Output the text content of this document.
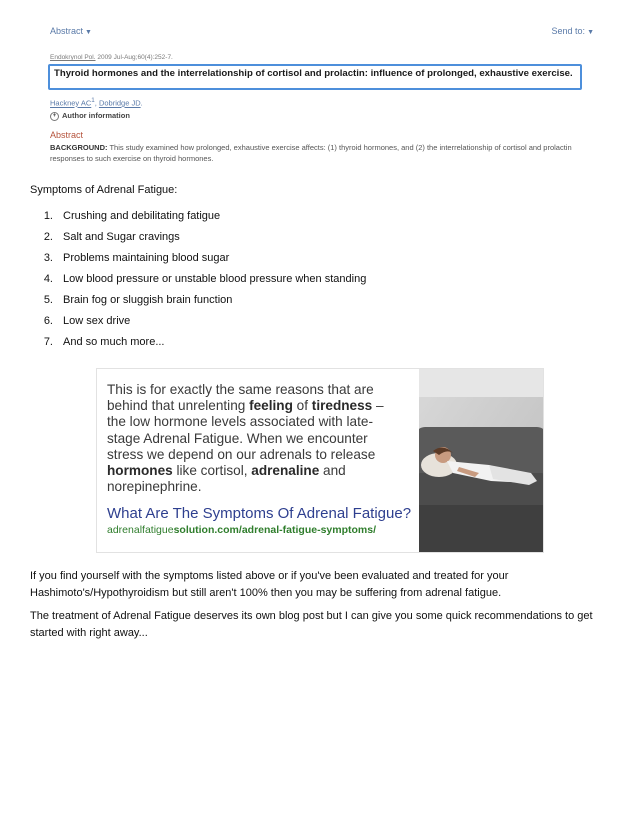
Abstract ▼	Send to: ▼
Endokrynol Pol. 2009 Jul-Aug;60(4):252-7.
Thyroid hormones and the interrelationship of cortisol and prolactin: influence of prolonged, exhaustive exercise.
Hackney $AC^1$, Dobridge JD.
+ Author information
Abstract
BACKGROUND: This study examined how prolonged, exhaustive exercise affects: (1) thyroid hormones, and (2) the interrelationship of cortisol and prolactin responses to such exercise on thyroid hormones.
Symptoms of Adrenal Fatigue:
1. Crushing and debilitating fatigue
2. Salt and Sugar cravings
3. Problems maintaining blood sugar
4. Low blood pressure or unstable blood pressure when standing
5. Brain fog or sluggish brain function
6. Low sex drive
7. And so much more...
This is for exactly the same reasons that are behind that unrelenting feeling of tiredness – the low hormone levels associated with late-stage Adrenal Fatigue. When we encounter stress we depend on our adrenals to release hormones like cortisol, adrenaline and norepinephrine.
What Are The Symptoms Of Adrenal Fatigue?
adrenalfatiguesolution.com/adrenal-fatigue-symptoms/

If you find yourself with the symptoms listed above or if you've been evaluated and treated for your Hashimoto's/Hypothyroidism but still aren't 100% then you may be suffering from adrenal fatigue.

The treatment of Adrenal Fatigue deserves its own blog post but I can give you some quick recommendations to get started with right away...
